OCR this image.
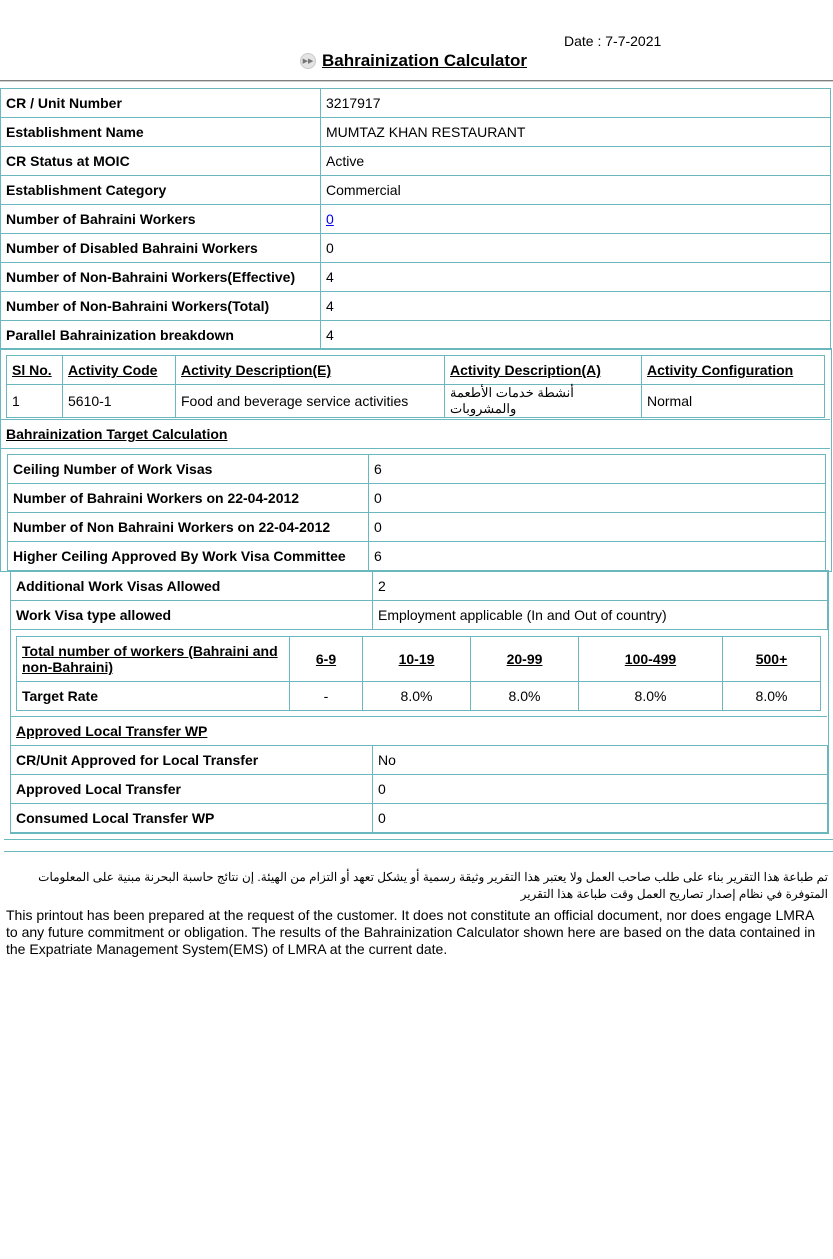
Date : 7-7-2021
▶▶ Bahrainization Calculator
CR / Unit Number	3217917
Establishment Name	MUMTAZ KHAN RESTAURANT
CR Status at MOIC	Active
Establishment Category	Commercial
Number of Bahraini Workers	0
Number of Disabled Bahraini Workers	0
Number of Non-Bahraini Workers(Effective)	4
Number of Non-Bahraini Workers(Total)	4
Parallel Bahrainization breakdown	4
Sl No.	Activity Code	Activity Description(E)	Activity Description(A)	Activity Configuration
1	5610-1	Food and beverage service activities	أنشطة خدمات الأطعمة والمشروبات	Normal
Bahrainization Target Calculation
Ceiling Number of Work Visas	6
Number of Bahraini Workers on 22-04-2012	0
Number of Non Bahraini Workers on 22-04-2012	0
Higher Ceiling Approved By Work Visa Committee	6
Additional Work Visas Allowed	2
Work Visa type allowed	Employment applicable (In and Out of country)
Total number of workers (Bahraini and non-Bahraini)	6-9	10-19	20-99	100-499	500+
Target Rate	-	8.0%	8.0%	8.0%	8.0%
Approved Local Transfer WP
CR/Unit Approved for Local Transfer	No
Approved Local Transfer	0
Consumed Local Transfer WP	0
تم طباعة هذا التقرير بناء على طلب صاحب العمل ولا يعتبر هذا التقرير وثيقة رسمية أو يشكل تعهد أو التزام من الهيئة. إن نتائج حاسبة البحرنة مبنية على المعلومات المتوفرة في نظام إصدار تصاريح العمل وقت طباعة هذا التقرير
This printout has been prepared at the request of the customer. It does not constitute an official document, nor does engage LMRA to any future commitment or obligation. The results of the Bahrainization Calculator shown here are based on the data contained in the Expatriate Management System(EMS) of LMRA at the current date.
